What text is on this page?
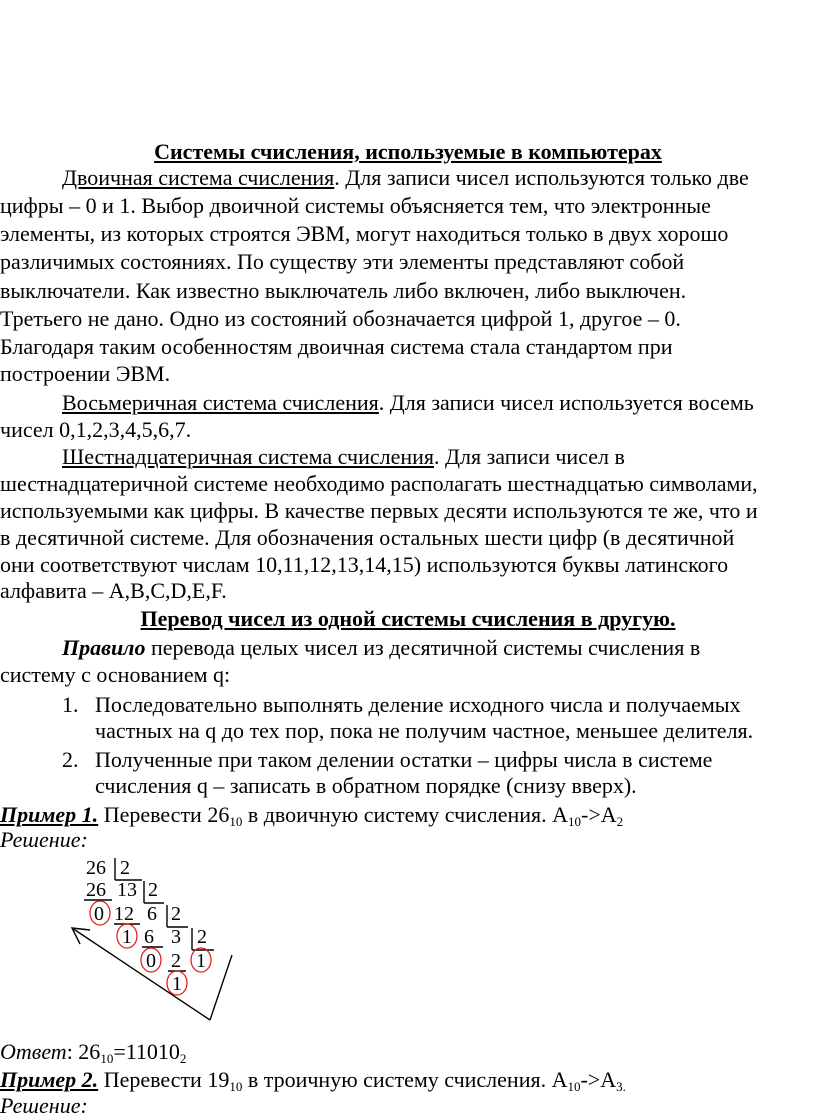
Системы счисления, используемые в компьютерах
Двоичная система счисления. Для записи чисел используются только две
цифры – 0 и 1. Выбор двоичной системы объясняется тем, что электронные
элементы, из которых строятся ЭВМ, могут находиться только в двух хорошо
различимых состояниях. По существу эти элементы представляют собой
выключатели. Как известно выключатель либо включен, либо выключен.
Третьего не дано. Одно из состояний обозначается цифрой 1, другое – 0.
Благодаря таким особенностям двоичная система стала стандартом при
построении ЭВМ.
Восьмеричная система счисления. Для записи чисел используется восемь
чисел 0,1,2,3,4,5,6,7.
Шестнадцатеричная система счисления. Для записи чисел в
шестнадцатеричной системе необходимо располагать шестнадцатью символами,
используемыми как цифры. В качестве первых десяти используются те же, что и
в десятичной системе. Для обозначения остальных шести цифр (в десятичной
они соответствуют числам 10,11,12,13,14,15) используются буквы латинского
алфавита – A,B,C,D,E,F.
Перевод чисел из одной системы счисления в другую.
Правило перевода целых чисел из десятичной системы счисления в
систему с основанием q:
1. Последовательно выполнять деление исходного числа и получаемых
частных на q до тех пор, пока не получим частное, меньшее делителя.
2. Полученные при таком делении остатки – цифры числа в системе
счисления q – записать в обратном порядке (снизу вверх).
Пример 1. Перевести $26_{10}$ в двоичную систему счисления. $A_{10}->A_2$
Решение:
26 2
26 13 2
0 12 6 2
1 6 3 2
0 2 1
1
Ответ: $26_{10}=11010_2$
Пример 2. Перевести $19_{10}$ в троичную систему счисления. $A_{10}->A_{3.}$
Решение:
